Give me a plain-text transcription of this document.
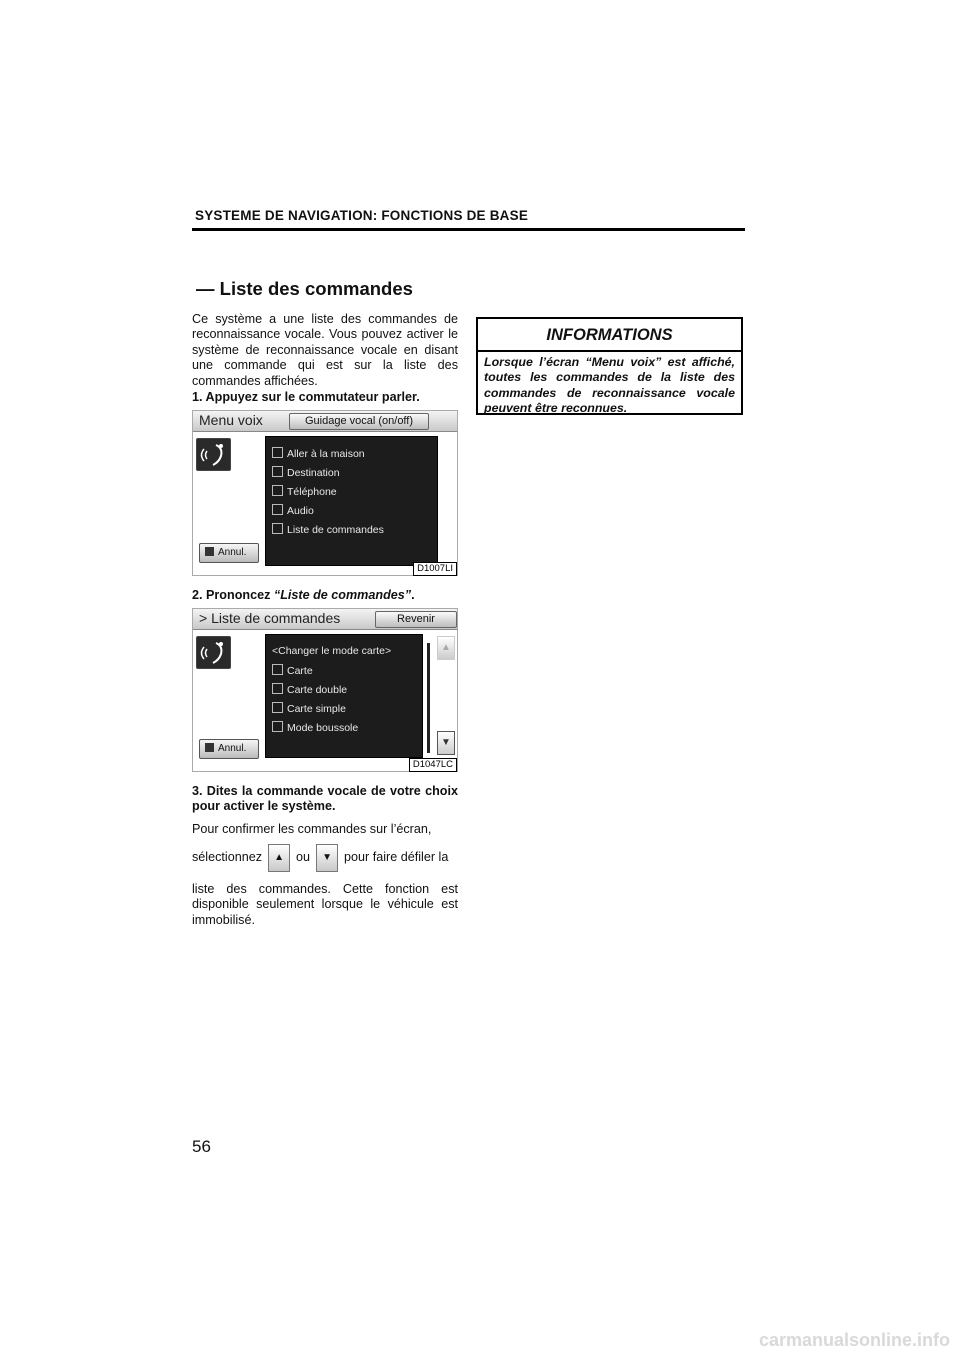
SYSTEME DE NAVIGATION: FONCTIONS DE BASE
— Liste des commandes
Ce système a une liste des commandes de reconnaissance vocale. Vous pouvez activer le système de reconnaissance vocale en disant une commande qui est sur la liste des commandes affichées.
1. Appuyez sur le commutateur parler.
Menu voix	Guidage vocal (on/off)
Aller à la maison
Destination
Téléphone
Audio
Liste de commandes
Annul.
D1007LI
2. Prononcez “Liste de commandes”.
> Liste de commandes	Revenir
<Changer le mode carte>
Carte
Carte double
Carte simple
Mode boussole
▲
▼
Annul.
D1047LC
3. Dites la commande vocale de votre choix pour activer le système.
Pour confirmer les commandes sur l’écran,
sélectionnez ▲ ou ▼ pour faire défiler la
liste des commandes. Cette fonction est disponible seulement lorsque le véhicule est immobilisé.
INFORMATIONS
Lorsque l’écran “Menu voix” est affiché, toutes les commandes de la liste des commandes de reconnaissance vocale peuvent être reconnues.
56
carmanualsonline.info
